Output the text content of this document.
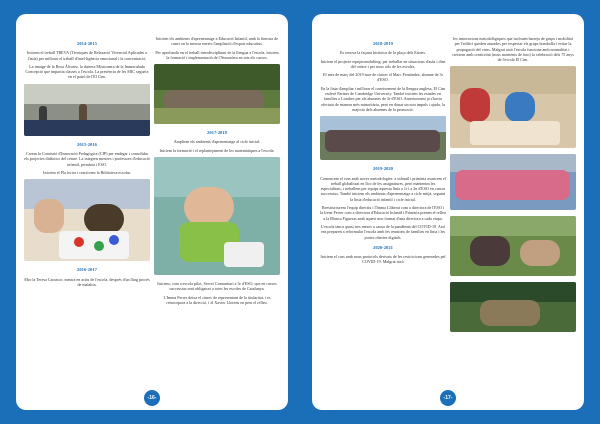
2014-2015

Iniciem el treball TREVA (Tècniques de Relaxació Vivencial Aplicades a l'aula) per millorar el treball d'intel·ligència emocional i la concentració.

La imatge de la Rosa Álvarez, la darrera Missionera de la Immaculada Concepció que impartia classes a l'escola. La presència de les MIC segueix en el patró de l'El Cim.

2015-2016

Creem la Comissió d'Innovació Pedagògica (CIP) per endegar i consolidar els projectes didàctics del centre. La integren mestres i professors d'educació infantil, primària i ESO.

Iniciem el Pla lector i reactivem la Biblioteca escolar.

2016-2017

Mor la Teresa Carrasco, mestra en actiu de l'escola, després d'un llarg procés de malaltia.

Iniciem els ambients d'aprenentatge a Educació Infantil, amb la finestra de canvi en la mestra envers l'ampliació d'espais educatius.

Per aprofundir en el treball interdisciplinari de la llengua a l'escola, iniciem la formació i implementació de l'Atmosfera en tots els cursos.

2017-2018

Ampliem els ambients d'aprenentatge al cicle inicial.

Iniciem la formació i el replantejament de les matemàtiques a l'escola.

Iniciem, com a escola pilot, Servei Comunitari a 3r d'ESO, que en cursos successius serà obligatori a totes les escoles de Catalunya.

L'Imma Ferrer deixa el càrrec de representant de la titularitat, i es reincorpora a la direcció, i el Xavier Llorens en pren el relleu.

-16-
2018-2019

Es renova la façana històrica de la plaça dels Estnes.

Iniciem el projecte equipiomobiliing, per treballar en situacions d'aula i dins del centre i per nous rols de les escoles.

El mes de març del 2019 mor de càncer el Marc Fernàndez, alumne de 3r d'ESO.

En la línia d'ampliar i millorar el coneixement de la llengua anglesa, El Cim esdevé Partner de Cambridge University. També iniciem les estades en famílies a Londres per als alumnes de 3r d'ESO. Anteriorment ja s'havia efectuat de manera més minoritària, però en donar un nou impuls i ajuda, la majoria dels alumnes de la promoció.

2019-2020

Comencem el curs amb noves metodologies: a infantil i primària avancem el treball globalitzat en lloc de les assignatures, però mantenim les especialitats, i treballem per equips aquesta línia a 1r i a 2n d'ESO en cursos successius. També iniciem els ambients d'aprenentatge a cicle mitjà, seguint la línia d'educació infantil i cicle inicial.

Reestructurem l'equip directiu i l'Imma Lliberat com a directora de l'ESO i la Irene Ferrer com a directora d'Educació Infantil i Primària prenen el relleu a la Blanca Figueras amb aquest nou format d'una directora a cada etapa.

L'escola tanca quasi tres mesos a causa de la pandèmia del COVID-19. Així ens preparen a reformular l'escola amb les reunions de famílies en línia i les portes obertes digitals.

2020-2021

Iniciem el curs amb nous protocols derivats de les restriccions generades pel COVID-19. Malgrat això

les innovacions metodològiques que inclouen barreja de grups i mobilitat per l'edifici queden aturades per respectar els grups bombolla i evitar la propagació del virus. Malgrat això l'escola funciona amb normalitat i creixem amb creativitat (nous moments de foto) la celebració dels 75 anys de l'escola El Cim.

-17-
